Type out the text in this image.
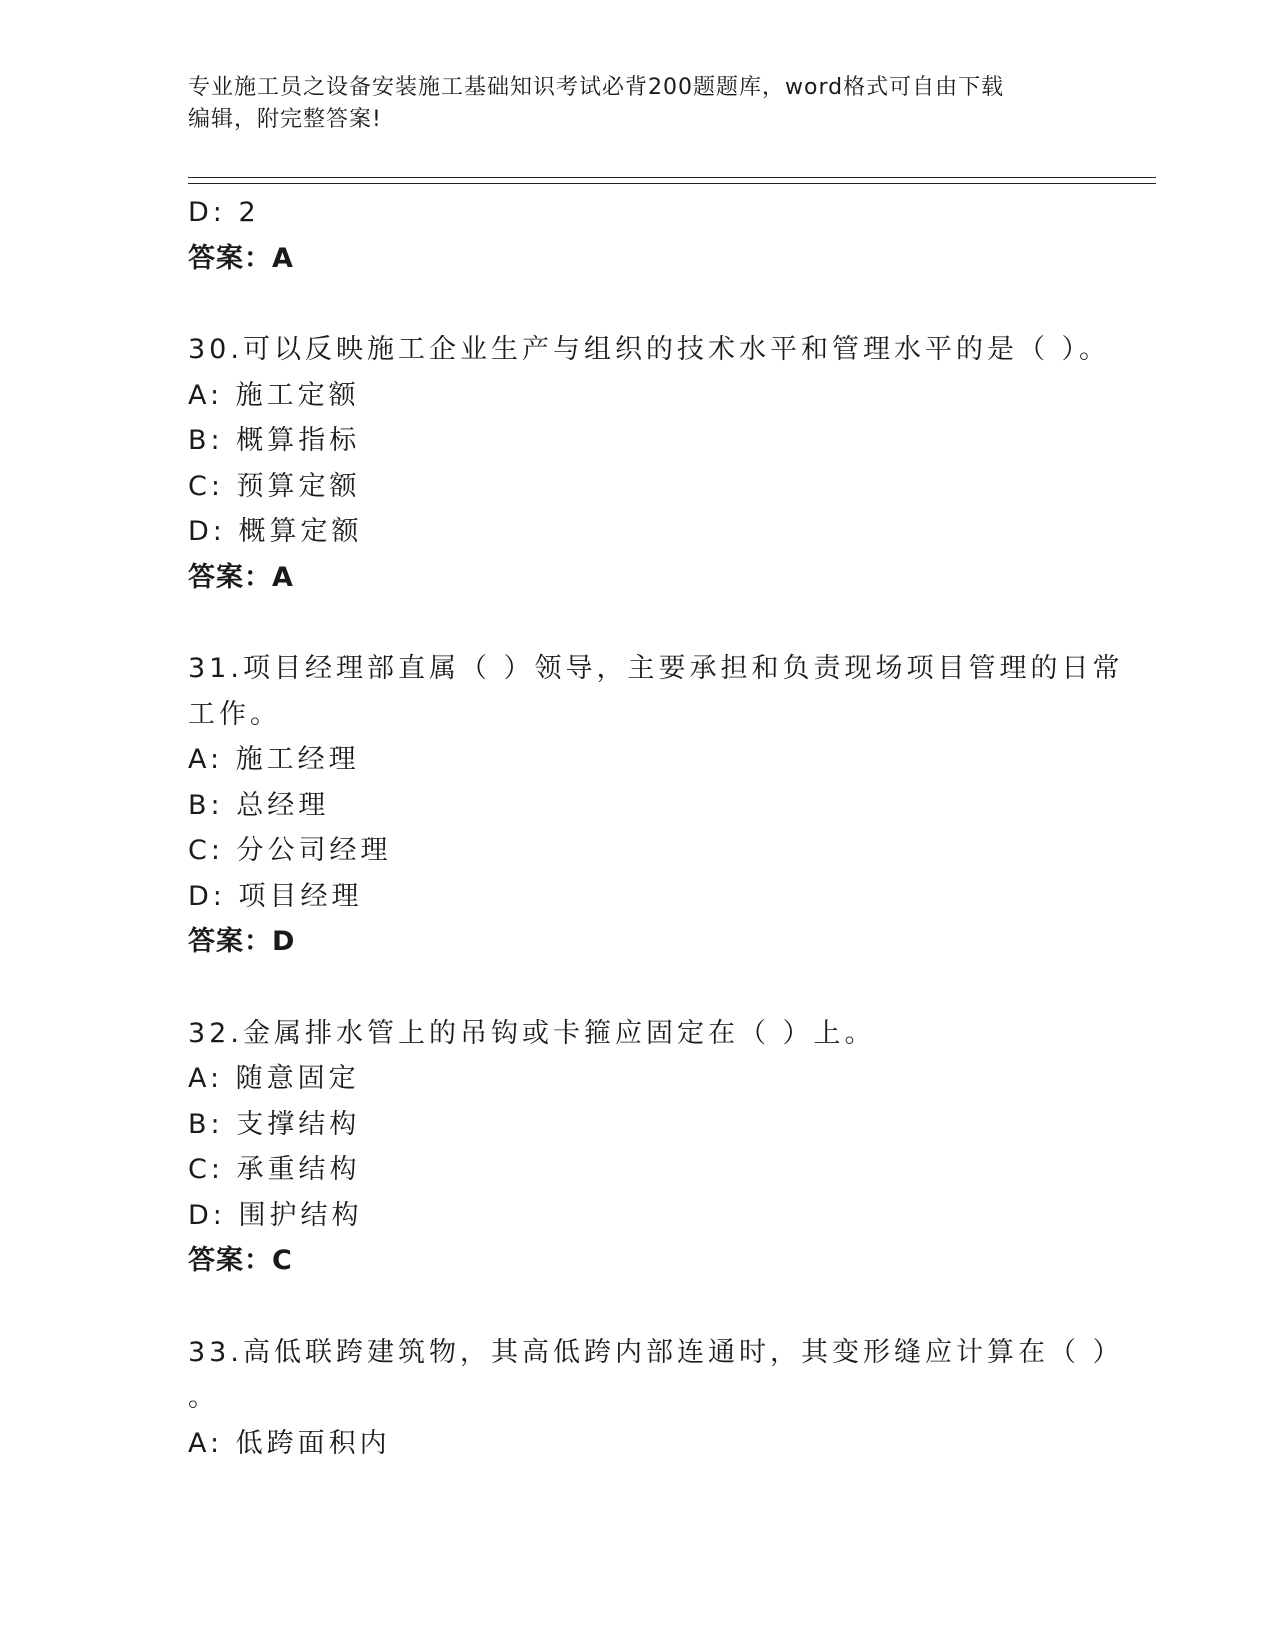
专业施工员之设备安装施工基础知识考试必背200题题库，word格式可自由下载
编辑，附完整答案!
D: 2
答案：A
30.可以反映施工企业生产与组织的技术水平和管理水平的是（ ）。
A: 施工定额
B: 概算指标
C: 预算定额
D: 概算定额
答案：A
31.项目经理部直属（ ）领导，主要承担和负责现场项目管理的日常
工作。
A: 施工经理
B: 总经理
C: 分公司经理
D: 项目经理
答案：D
32.金属排水管上的吊钩或卡箍应固定在（ ）上。
A: 随意固定
B: 支撑结构
C: 承重结构
D: 围护结构
答案：C
33.高低联跨建筑物，其高低跨内部连通时，其变形缝应计算在（ ）
。
A: 低跨面积内
